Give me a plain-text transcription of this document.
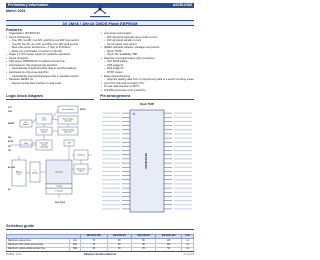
Preliminary information	AS29LV160
March 2001
3V 2M×8 / 1M×16 CMOS Flash EEPROM
Features
• Organization: 2M×8/1M×16
• Sector architecture
– One 16K; two 8K; one 32K; and thirty-one 64K byte sectors
– One 8K; two 4K; one 16K; and thirty-one 32K word sectors
– Boot code sector architecture—T (top) or B (bottom)
– Erase any combination of sectors or full chip
• Single 2.7-3.6V power supply for read/write operations
• Sector protection
• High speed 70/80/90/120 ns address access time
• Automated on-chip programming algorithm
– Automatically programs/verifies data at specified address
• Automated on-chip erase algorithm
– Automatically preprograms/erases chip or specified sectors
• Hardware RESET pin
– Resets internal state machine to read mode
• Low power consumption
– 200 nA typical automatic sleep mode current
– 200 nA typical standby current
– 10 mA typical read current
• JEDEC standard software, packages and pinouts
– 48-pin TSOP
– 44-pin SO; availability TBD
• Detection of program/erase cycle completion
– DQ7 DATA polling
– DQ6 toggle bit
– DQ2 toggle bit
– RY/BY output
• Erase suspend/resume
– Supports reading data from or programming data to a sector not being erased
• Low VCC write lock-out below 1.5V
• 10 year data retention at 150°C
• 100,000 write/erase cycle endurance
Logic block diagram
Sector switches
Erase voltage
generator
State
control
Command
register
Program voltage
generator
Chip enable
/ Output
enable logic
Address
latch
X
decoder
Y decoder
Data latch
Cell matrix
Y gating
Input/Output
buffers
STB
Timer
VCC
detector
RY/BY
VCC
VSS
RESET
WE
BYTE
CE
OE
A0–A19
A-1
DQ0–DQ15
Pin arrangement
48-pin TSOP
AS29LV160
Selection guide
		29LV160-70R	29LV160-80	29LV160-90	29LV160-120	Unit
Maximum access time	tAA	70	80	90	120	ns
Maximum chip enable access time	tCE	70	80	90	120	ns
Maximum output enable access time	tOE	30	30	35	50	ns
3/24/01; v.0.9	Alliance Semiconductor	P. 1 of 27
